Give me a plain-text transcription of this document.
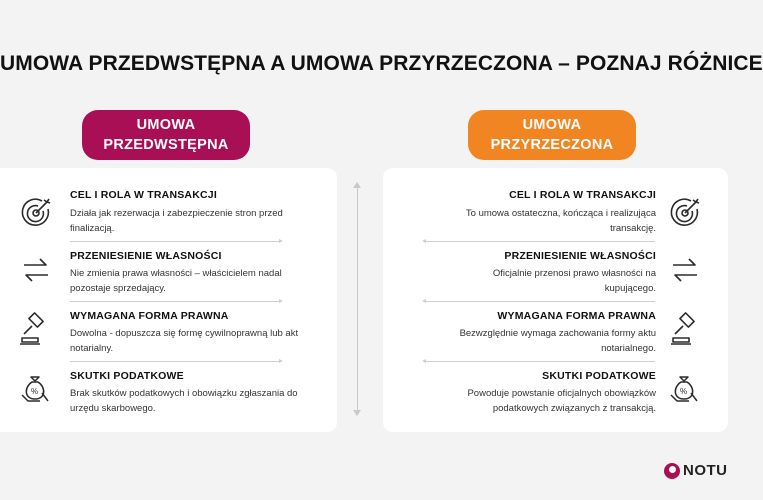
UMOWA PRZEDWSTĘPNA A UMOWA PRZYRZECZONA – POZNAJ RÓŻNICE
UMOWA
PRZEDWSTĘPNA
UMOWA
PRZYRZECZONA
CEL I ROLA W TRANSAKCJI
Działa jak rezerwacja i zabezpieczenie stron przed finalizacją.
PRZENIESIENIE WŁASNOŚCI
Nie zmienia prawa własności – właścicielem nadal pozostaje sprzedający.
WYMAGANA FORMA PRAWNA
Dowolna - dopuszcza się formę cywilnoprawną lub akt notarialny.
%
SKUTKI PODATKOWE
Brak skutków podatkowych i obowiązku zgłaszania do urzędu skarbowego.
CEL I ROLA W TRANSAKCJI
To umowa ostateczna, kończąca i realizująca transakcję.
PRZENIESIENIE WŁASNOŚCI
Oficjalnie przenosi prawo własności na kupującego.
WYMAGANA FORMA PRAWNA
Bezwzględnie wymaga zachowania formy aktu notarialnego.
SKUTKI PODATKOWE
Powoduje powstanie oficjalnych obowiązków podatkowych związanych z transakcją.
%
NOTU
